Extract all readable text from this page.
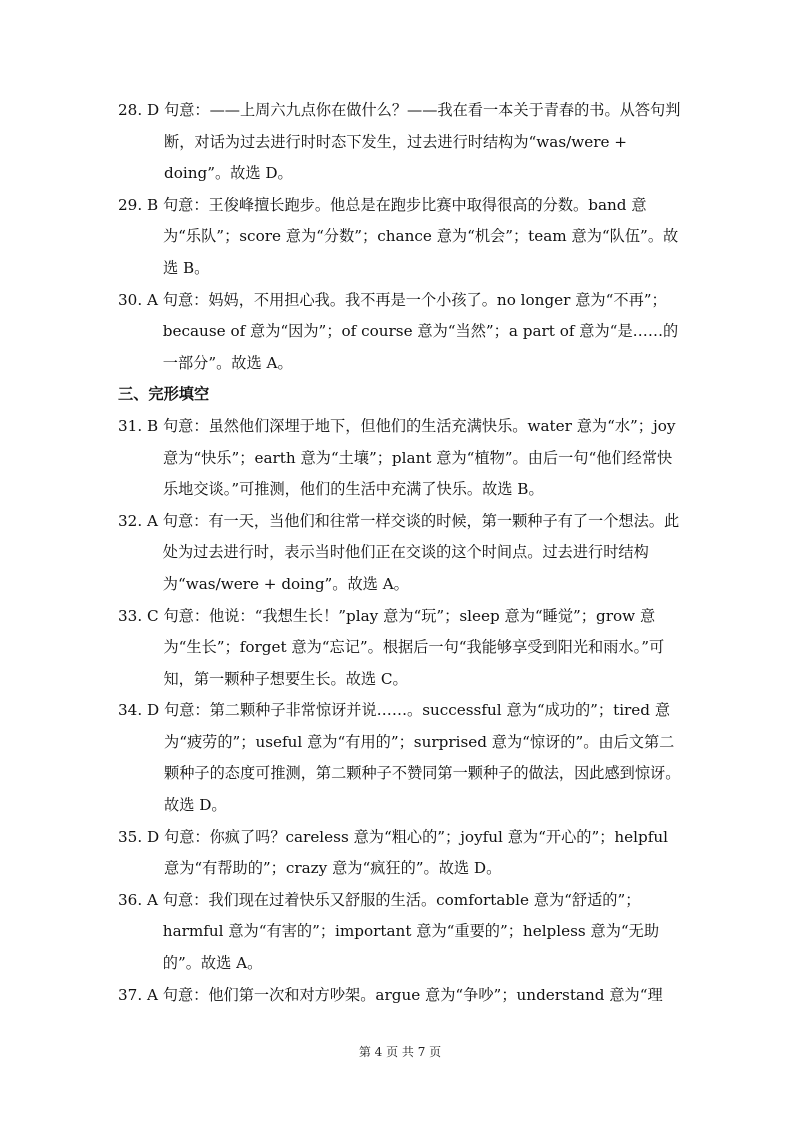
28. D 句意：——上周六九点你在做什么？——我在看一本关于青春的书。从答句判断，对话为过去进行时时态下发生，过去进行时结构为“was/were + doing”。故选 D。
29. B 句意：王俊峰擅长跑步。他总是在跑步比赛中取得很高的分数。band 意为“乐队”；score 意为“分数”；chance 意为“机会”；team 意为“队伍”。故选 B。
30. A 句意：妈妈，不用担心我。我不再是一个小孩了。no longer 意为“不再”；because of 意为“因为”；of course 意为“当然”；a part of 意为“是……的一部分”。故选 A。
三、完形填空
31. B 句意：虽然他们深埋于地下，但他们的生活充满快乐。water 意为“水”；joy 意为“快乐”；earth 意为“土壤”；plant 意为“植物”。由后一句“他们经常快乐地交谈。”可推测，他们的生活中充满了快乐。故选 B。
32. A 句意：有一天，当他们和往常一样交谈的时候，第一颗种子有了一个想法。此处为过去进行时，表示当时他们正在交谈的这个时间点。过去进行时结构为“was/were + doing”。故选 A。
33. C 句意：他说：“我想生长！”play 意为“玩”；sleep 意为“睡觉”；grow 意为“生长”；forget 意为“忘记”。根据后一句“我能够享受到阳光和雨水。”可知，第一颗种子想要生长。故选 C。
34. D 句意：第二颗种子非常惊讶并说……。successful 意为“成功的”；tired 意为“疲劳的”；useful 意为“有用的”；surprised 意为“惊讶的”。由后文第二颗种子的态度可推测，第二颗种子不赞同第一颗种子的做法，因此感到惊讶。故选 D。
35. D 句意：你疯了吗？careless 意为“粗心的”；joyful 意为“开心的”；helpful 意为“有帮助的”；crazy 意为“疯狂的”。故选 D。
36. A 句意：我们现在过着快乐又舒服的生活。comfortable 意为“舒适的”；harmful 意为“有害的”；important 意为“重要的”；helpless 意为“无助的”。故选 A。
37. A 句意：他们第一次和对方吵架。argue 意为“争吵”；understand 意为“理
第 4 页 共 7 页
